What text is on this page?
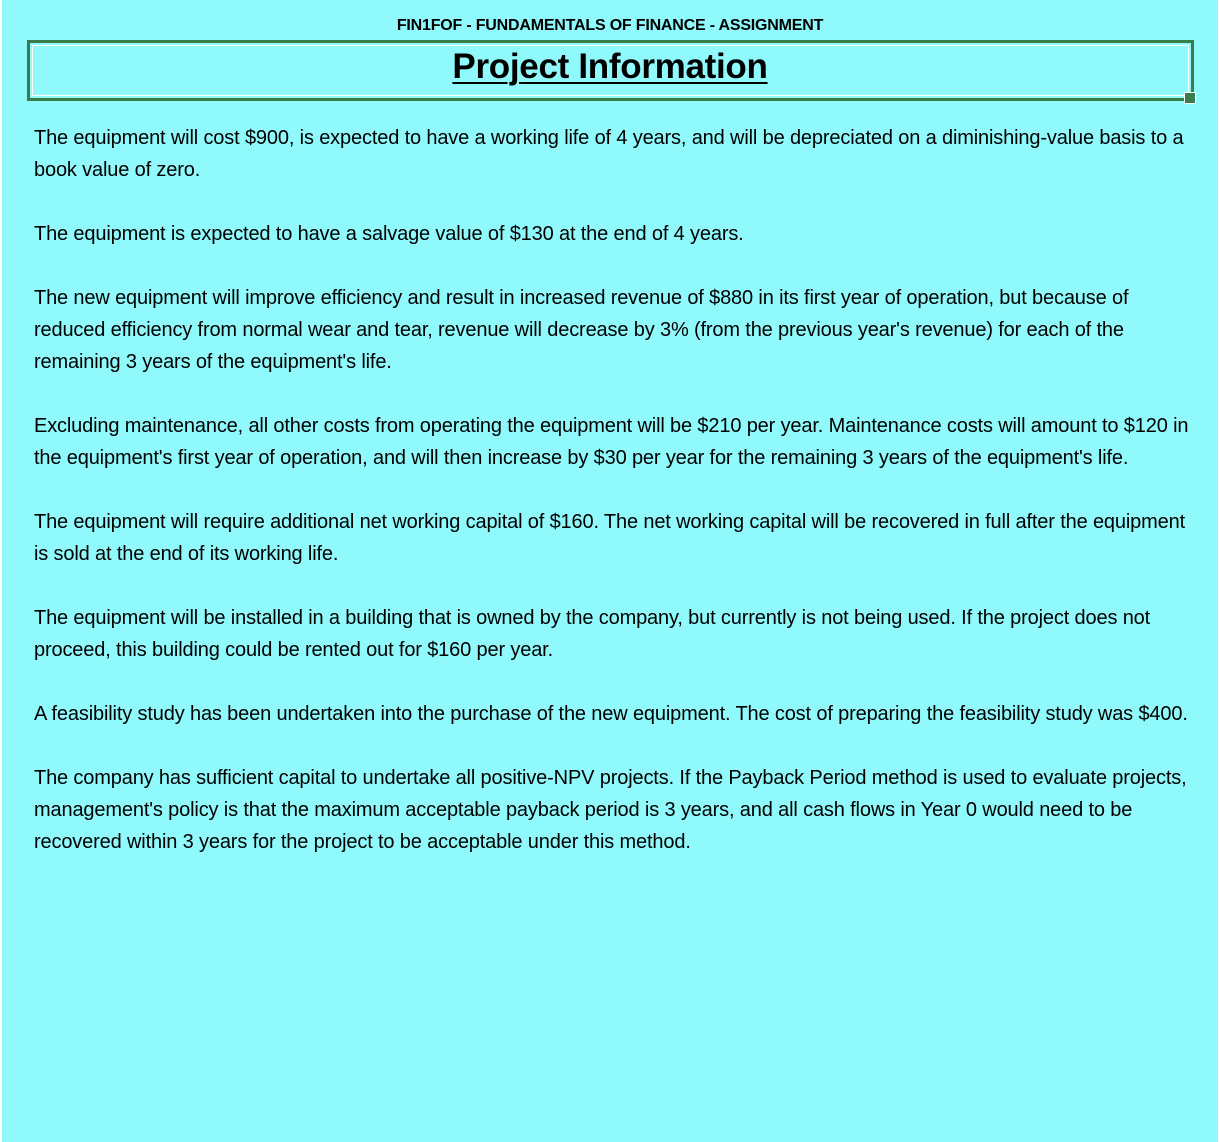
FIN1FOF - FUNDAMENTALS OF FINANCE - ASSIGNMENT
Project Information

The equipment will cost $900, is expected to have a working life of 4 years, and will be depreciated on a diminishing-value basis to a book value of zero.

The equipment is expected to have a salvage value of $130 at the end of 4 years.

The new equipment will improve efficiency and result in increased revenue of $880 in its first year of operation, but because of reduced efficiency from normal wear and tear, revenue will decrease by 3% (from the previous year's revenue) for each of the remaining 3 years of the equipment's life.

Excluding maintenance, all other costs from operating the equipment will be $210 per year. Maintenance costs will amount to $120 in the equipment's first year of operation, and will then increase by $30 per year for the remaining 3 years of the equipment's life.

The equipment will require additional net working capital of $160. The net working capital will be recovered in full after the equipment is sold at the end of its working life.

The equipment will be installed in a building that is owned by the company, but currently is not being used. If the project does not proceed, this building could be rented out for $160 per year.

A feasibility study has been undertaken into the purchase of the new equipment. The cost of preparing the feasibility study was $400.

The company has sufficient capital to undertake all positive-NPV projects. If the Payback Period method is used to evaluate projects, management's policy is that the maximum acceptable payback period is 3 years, and all cash flows in Year 0 would need to be recovered within 3 years for the project to be acceptable under this method.
